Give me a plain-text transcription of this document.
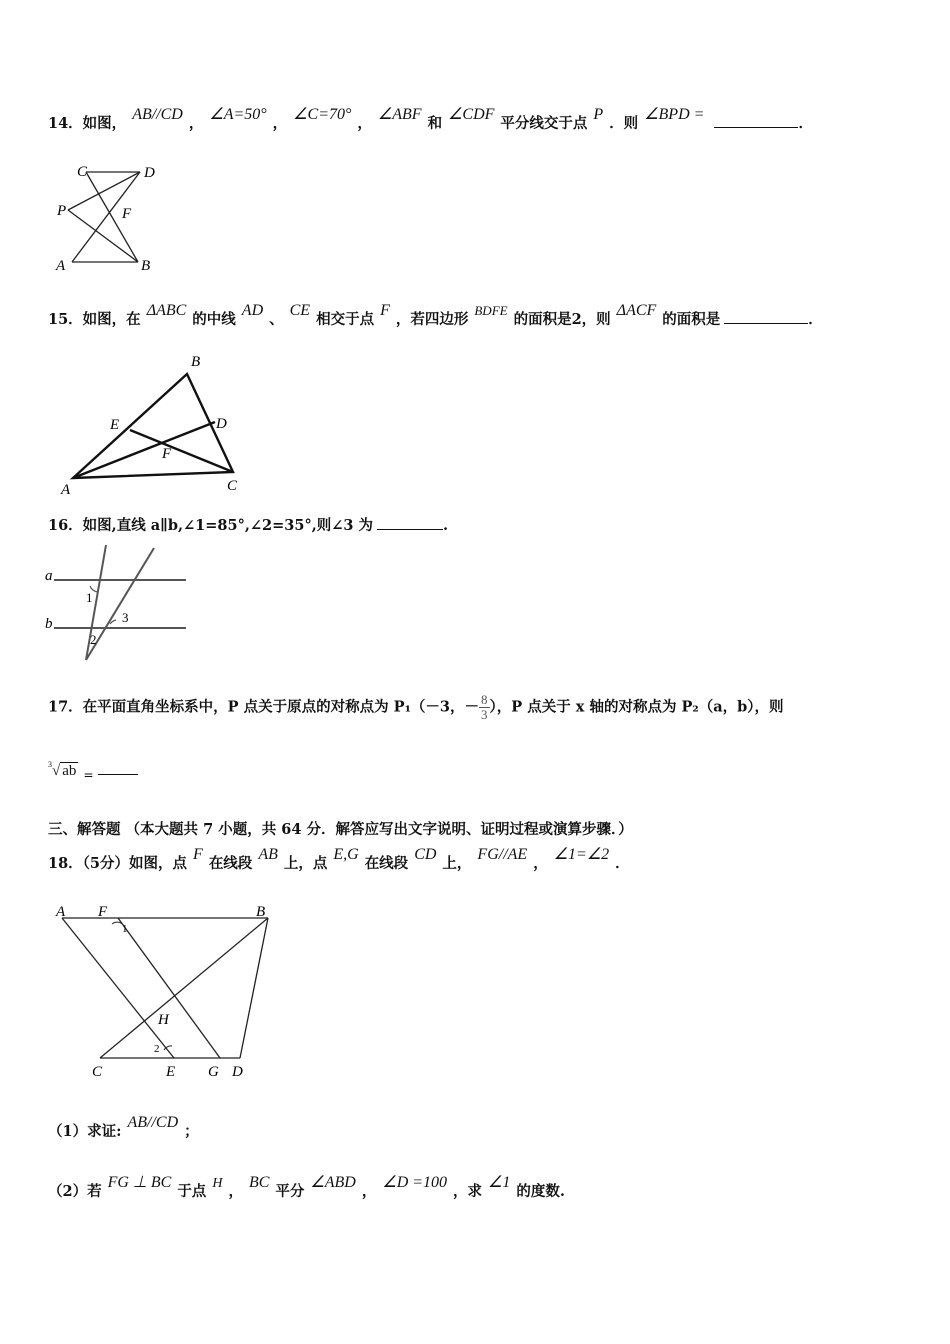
14．如图，AB//CD，∠A=50°，∠C=70°，∠ABF和∠CDF平分线交于点P．则∠BPD =．
C	D
P	F
A	B
15．如图，在ΔABC的中线AD、CE相交于点F，若四边形BDFE的面积是2，则ΔACF的面积是	．
B
E	D
F
A	C
16．如图,直线 a∥b,∠1=85°,∠2=35°,则∠3 为	.
a
b
1
2
3
17．在平面直角坐标系中，P 点关于原点的对称点为 P₁（－3，－ $\frac{8}{3}$），P 点关于 x 轴的对称点为 P₂（a，b），则
$^3$√ ab $_=$
三、解答题 （本大题共 7 小题，共 64 分．解答应写出文字说明、证明过程或演算步骤．）
18．（5分）如图，点F在线段AB上，点E,G在线段CD上，FG//AE，∠1=∠2．
A F	B
H
C	E G D
1
2
（1）求证:AB//CD；
（2）若FG ⊥ BC于点 H ，BC平分∠ABD，∠D =100，求∠1的度数.
